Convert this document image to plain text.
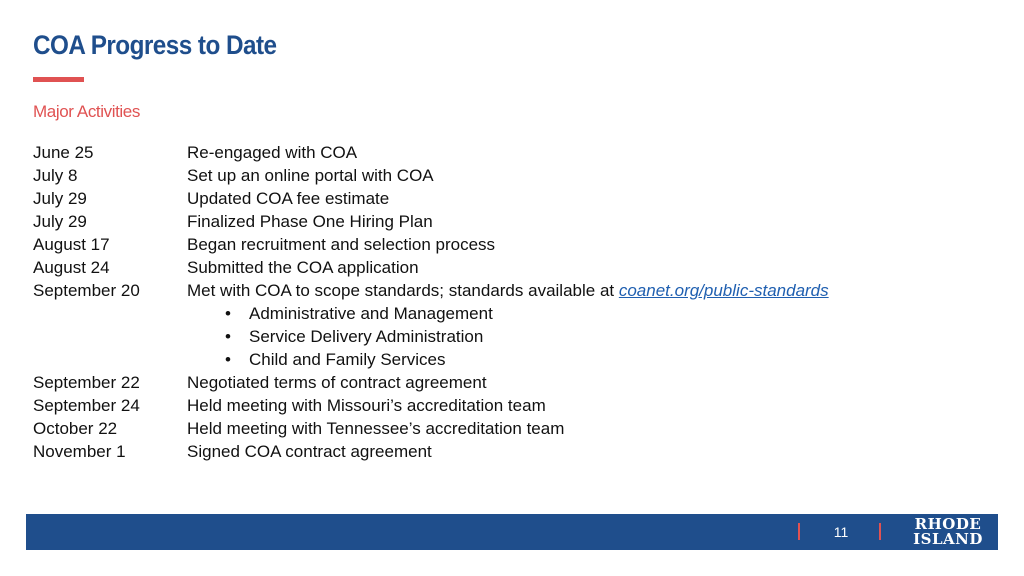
COA Progress to Date
Major Activities
June 25	Re-engaged with COA
July 8	Set up an online portal with COA
July 29	Updated COA fee estimate
July 29	Finalized Phase One Hiring Plan
August 17	Began recruitment and selection process
August 24	Submitted the COA application
September 20	Met with COA to scope standards; standards available at coanet.org/public-standards
• Administrative and Management
• Service Delivery Administration
• Child and Family Services
September 22	Negotiated terms of contract agreement
September 24	Held meeting with Missouri’s accreditation team
October 22	Held meeting with Tennessee’s accreditation team
November 1	Signed COA contract agreement
11	RHODE
ISLAND
